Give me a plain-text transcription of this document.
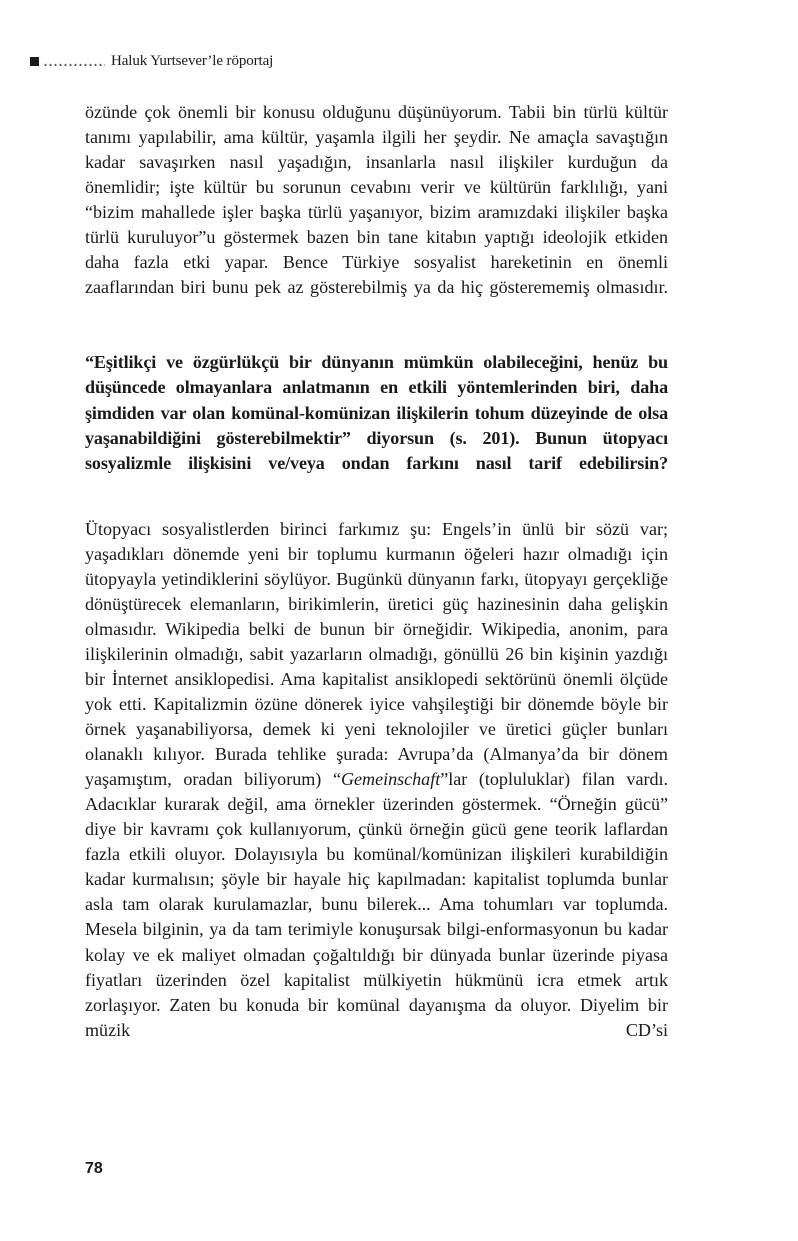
Haluk Yurtsever’le röportaj

özünde çok önemli bir konusu olduğunu düşünüyorum. Tabii bin türlü kültür tanımı yapılabilir, ama kültür, yaşamla ilgili her şeydir. Ne amaçla savaştığın kadar savaşırken nasıl yaşadığın, insanlarla nasıl ilişkiler kurduğun da önemlidir; işte kültür bu sorunun cevabını verir ve kültürün farklılığı, yani “bizim mahallede işler başka türlü yaşanıyor, bizim aramızdaki ilişkiler başka türlü kuruluyor”u göstermek bazen bin tane kitabın yaptığı ideolojik etkiden daha fazla etki yapar. Bence Türkiye sosyalist hareketinin en önemli zaaflarından biri bunu pek az gösterebilmiş ya da hiç gösterememiş olmasıdır.

“Eşitlikçi ve özgürlükçü bir dünyanın mümkün olabileceğini, henüz bu düşüncede olmayanlara anlatmanın en etkili yöntemlerinden biri, daha şimdiden var olan komünal-komünizan ilişkilerin tohum düzeyinde de olsa yaşanabildiğini gösterebilmektir” diyorsun (s. 201). Bunun ütopyacı sosyalizmle ilişkisini ve/veya ondan farkını nasıl tarif edebilirsin?

Ütopyacı sosyalistlerden birinci farkımız şu: Engels’in ünlü bir sözü var; yaşadıkları dönemde yeni bir toplumu kurmanın öğeleri hazır olmadığı için ütopyayla yetindiklerini söylüyor. Bugünkü dünyanın farkı, ütopyayı gerçekliğe dönüştürecek elemanların, birikimlerin, üretici güç hazinesinin daha gelişkin olmasıdır. Wikipedia belki de bunun bir örneğidir. Wikipedia, anonim, para ilişkilerinin olmadığı, sabit yazarların olmadığı, gönüllü 26 bin kişinin yazdığı bir İnternet ansiklopedisi. Ama kapitalist ansiklopedi sektörünü önemli ölçüde yok etti. Kapitalizmin özüne dönerek iyice vahşileştiği bir dönemde böyle bir örnek yaşanabiliyorsa, demek ki yeni teknolojiler ve üretici güçler bunları olanaklı kılıyor. Burada tehlike şurada: Avrupa’da (Almanya’da bir dönem yaşamıştım, oradan biliyorum) “Gemeinschaft”lar (topluluklar) filan vardı. Adacıklar kurarak değil, ama örnekler üzerinden göstermek. “Örneğin gücü” diye bir kavramı çok kullanıyorum, çünkü örneğin gücü gene teorik laflardan fazla etkili oluyor. Dolayısıyla bu komünal/komünizan ilişkileri kurabildiğin kadar kurmalısın; şöyle bir hayale hiç kapılmadan: kapitalist toplumda bunlar asla tam olarak kurulamazlar, bunu bilerek... Ama tohumları var toplumda. Mesela bilginin, ya da tam terimiyle konuşursak bilgi-enformasyonun bu kadar kolay ve ek maliyet olmadan çoğaltıldığı bir dünyada bunlar üzerinde piyasa fiyatları üzerinden özel kapitalist mülkiyetin hükmünü icra etmek artık zorlaşıyor. Zaten bu konuda bir komünal dayanışma da oluyor. Diyelim bir müzik CD’si

78
